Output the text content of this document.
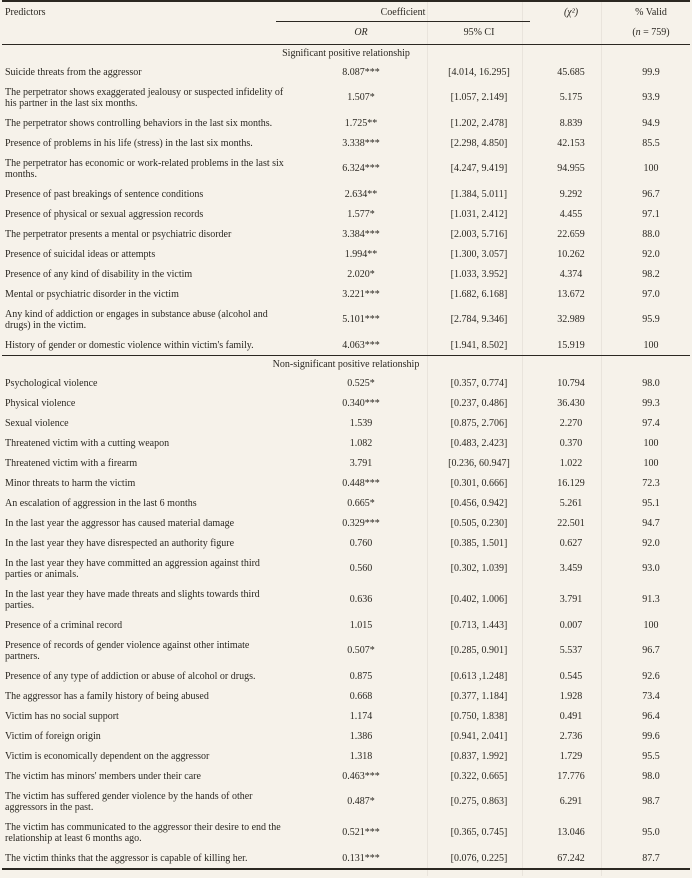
Predictors	Coefficient		(χ²)	% Valid
	OR	95% CI		(n = 759)
Significant positive relationship				
Suicide threats from the aggressor	8.087***	[4.014, 16.295]	45.685	99.9
The perpetrator shows exaggerated jealousy or suspected infidelity of his partner in the last six months.	1.507*	[1.057, 2.149]	5.175	93.9
The perpetrator shows controlling behaviors in the last six months.	1.725**	[1.202, 2.478]	8.839	94.9
Presence of problems in his life (stress) in the last six months.	3.338***	[2.298, 4.850]	42.153	85.5
The perpetrator has economic or work-related problems in the last six months.	6.324***	[4.247, 9.419]	94.955	100
Presence of past breakings of sentence conditions	2.634**	[1.384, 5.011]	9.292	96.7
Presence of physical or sexual aggression records	1.577*	[1.031, 2.412]	4.455	97.1
The perpetrator presents a mental or psychiatric disorder	3.384***	[2.003, 5.716]	22.659	88.0
Presence of suicidal ideas or attempts	1.994**	[1.300, 3.057]	10.262	92.0
Presence of any kind of disability in the victim	2.020*	[1.033, 3.952]	4.374	98.2
Mental or psychiatric disorder in the victim	3.221***	[1.682, 6.168]	13.672	97.0
Any kind of addiction or engages in substance abuse (alcohol and drugs) in the victim.	5.101***	[2.784, 9.346]	32.989	95.9
History of gender or domestic violence within victim's family.	4.063***	[1.941, 8.502]	15.919	100
Non-significant positive relationship				
Psychological violence	0.525*	[0.357, 0.774]	10.794	98.0
Physical violence	0.340***	[0.237, 0.486]	36.430	99.3
Sexual violence	1.539	[0.875, 2.706]	2.270	97.4
Threatened victim with a cutting weapon	1.082	[0.483, 2.423]	0.370	100
Threatened victim with a firearm	3.791	[0.236, 60.947]	1.022	100
Minor threats to harm the victim	0.448***	[0.301, 0.666]	16.129	72.3
An escalation of aggression in the last 6 months	0.665*	[0.456, 0.942]	5.261	95.1
In the last year the aggressor has caused material damage	0.329***	[0.505, 0.230]	22.501	94.7
In the last year they have disrespected an authority figure	0.760	[0.385, 1.501]	0.627	92.0
In the last year they have committed an aggression against third parties or animals.	0.560	[0.302, 1.039]	3.459	93.0
In the last year they have made threats and slights towards third parties.	0.636	[0.402, 1.006]	3.791	91.3
Presence of a criminal record	1.015	[0.713, 1.443]	0.007	100
Presence of records of gender violence against other intimate partners.	0.507*	[0.285, 0.901]	5.537	96.7
Presence of any type of addiction or abuse of alcohol or drugs.	0.875	[0.613 ,1.248]	0.545	92.6
The aggressor has a family history of being abused	0.668	[0.377, 1.184]	1.928	73.4
Victim has no social support	1.174	[0.750, 1.838]	0.491	96.4
Victim of foreign origin	1.386	[0.941, 2.041]	2.736	99.6
Victim is economically dependent on the aggressor	1.318	[0.837, 1.992]	1.729	95.5
The victim has minors' members under their care	0.463***	[0.322, 0.665]	17.776	98.0
The victim has suffered gender violence by the hands of other aggressors in the past.	0.487*	[0.275, 0.863]	6.291	98.7
The victim has communicated to the aggressor their desire to end the relationship at least 6 months ago.	0.521***	[0.365, 0.745]	13.046	95.0
The victim thinks that the aggressor is capable of killing her.	0.131***	[0.076, 0.225]	67.242	87.7
